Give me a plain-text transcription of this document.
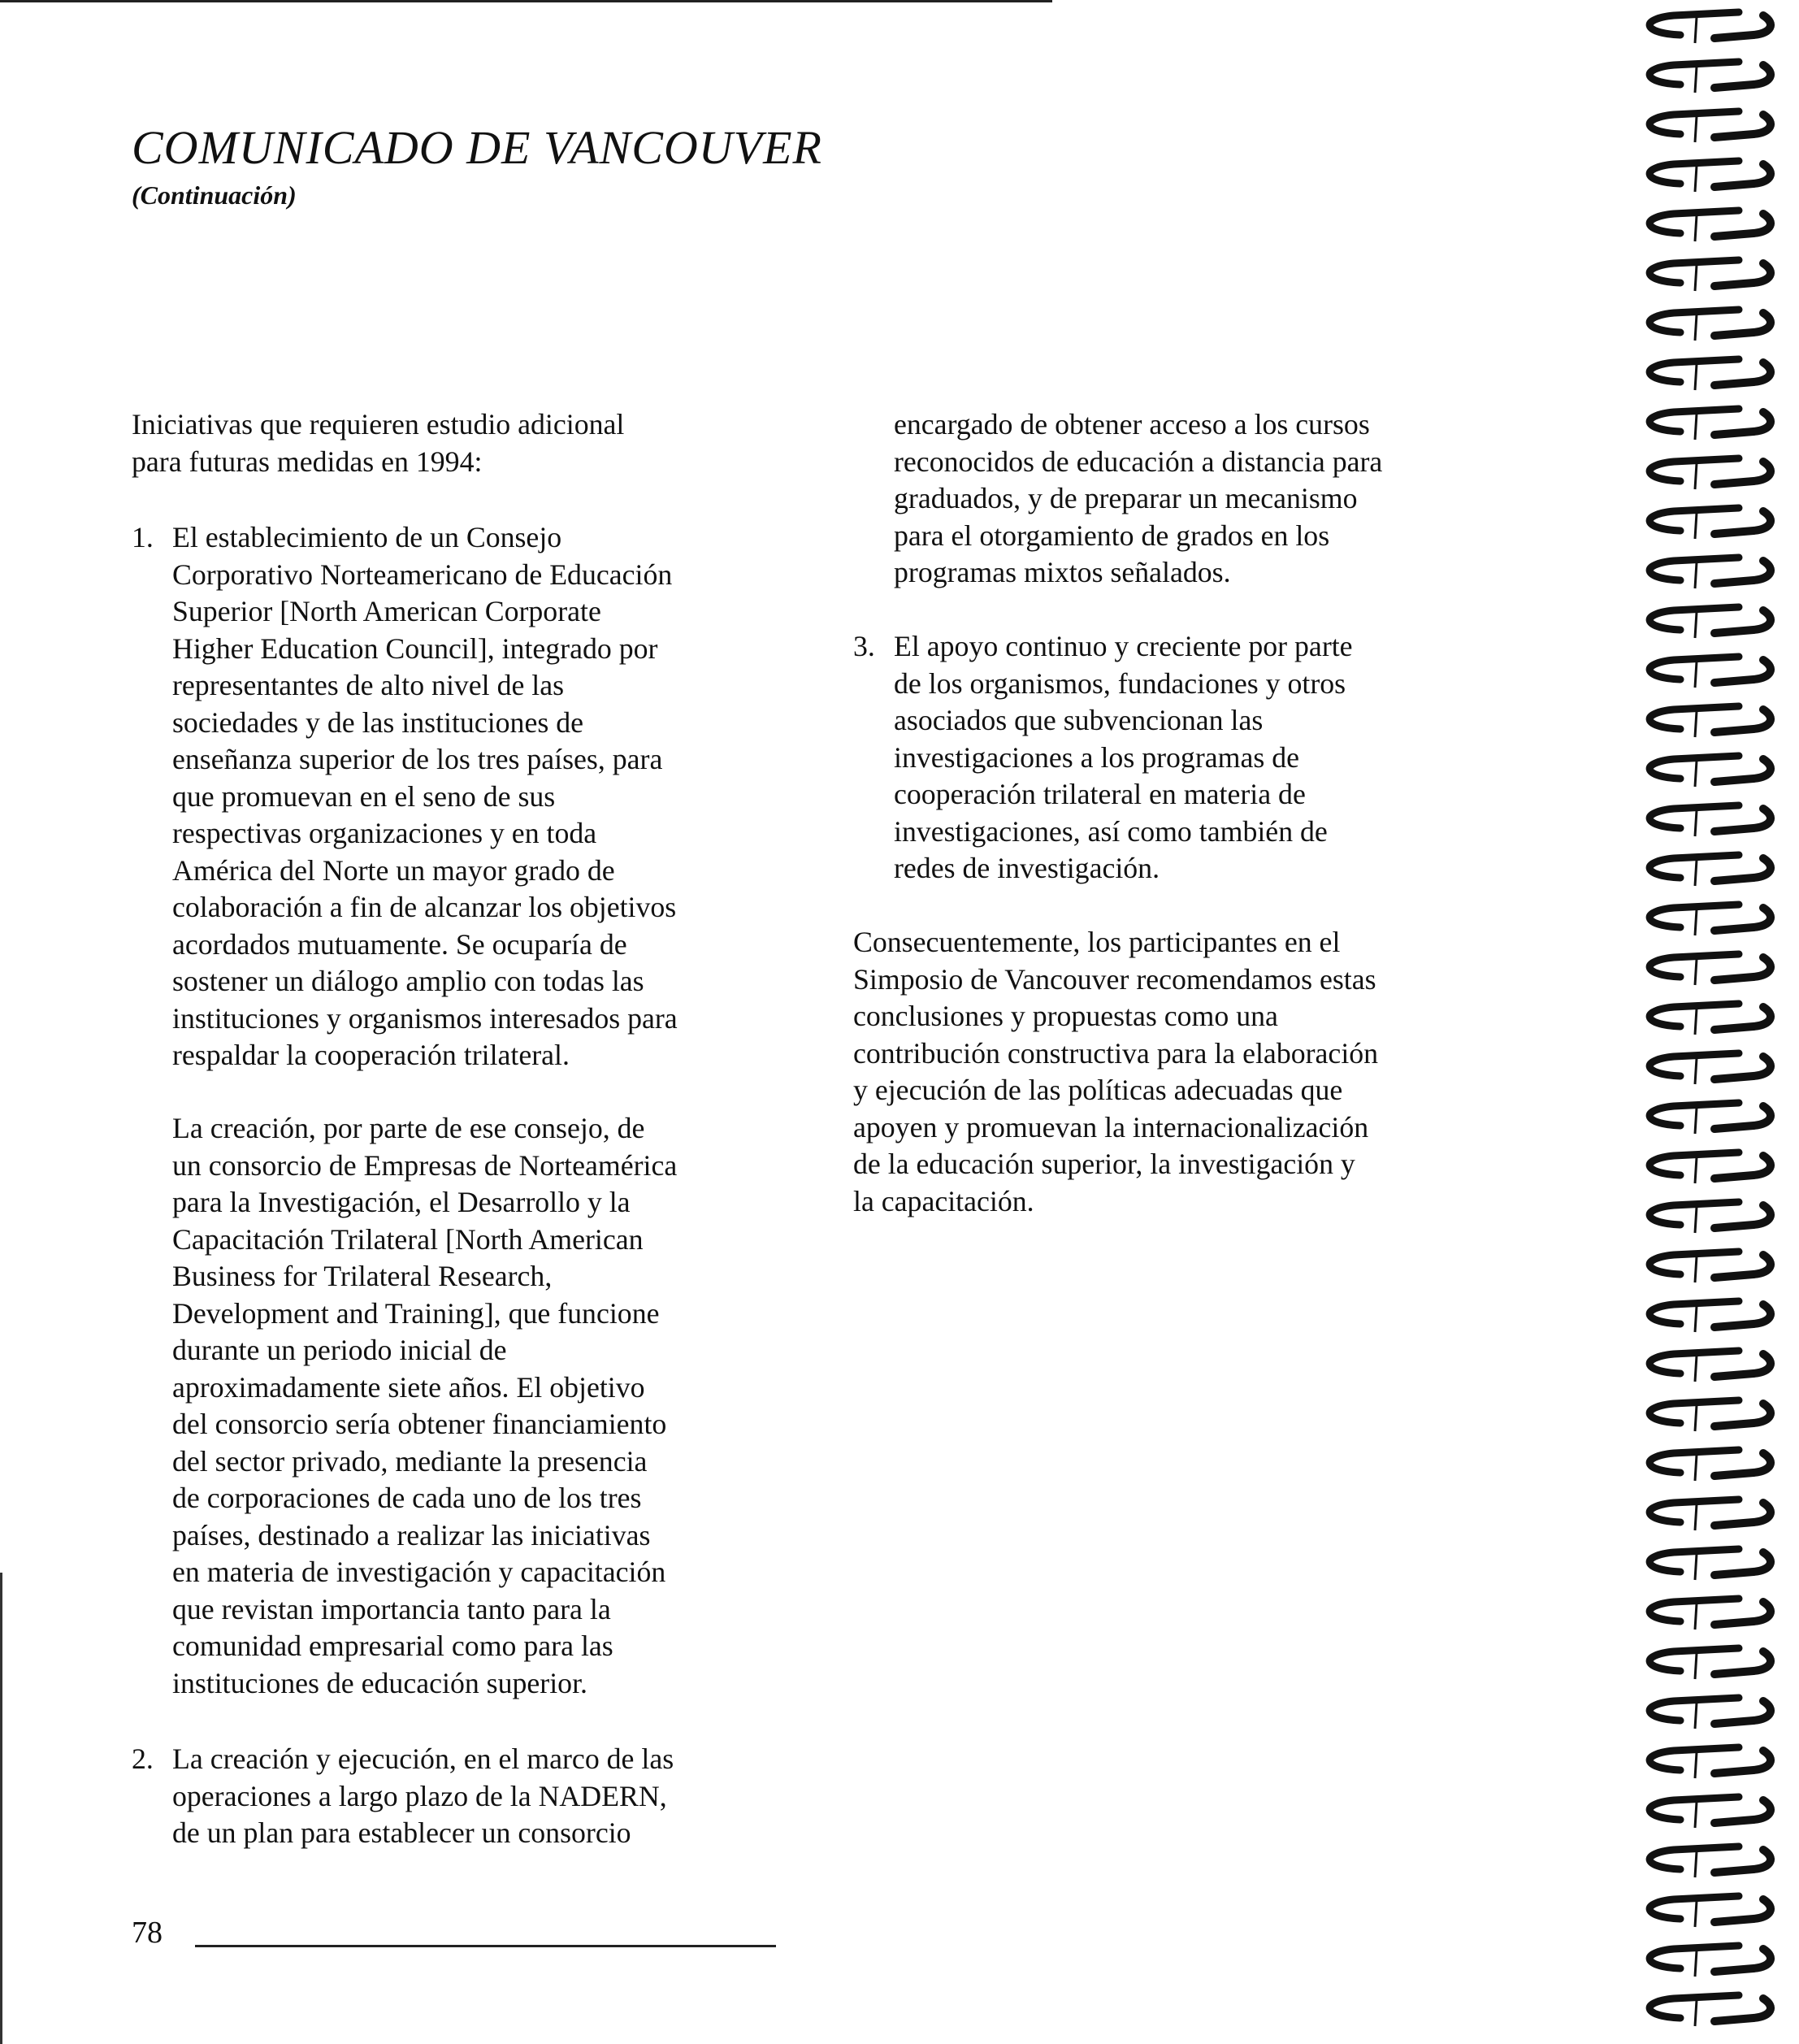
COMUNICADO DE VANCOUVER
(Continuación)
Iniciativas que requieren estudio adicional
para futuras medidas en 1994:
1. El establecimiento de un Consejo
Corporativo Norteamericano de Educación
Superior [North American Corporate
Higher Education Council], integrado por
representantes de alto nivel de las
sociedades y de las instituciones de
enseñanza superior de los tres países, para
que promuevan en el seno de sus
respectivas organizaciones y en toda
América del Norte un mayor grado de
colaboración a fin de alcanzar los objetivos
acordados mutuamente. Se ocuparía de
sostener un diálogo amplio con todas las
instituciones y organismos interesados para
respaldar la cooperación trilateral.
La creación, por parte de ese consejo, de
un consorcio de Empresas de Norteamérica
para la Investigación, el Desarrollo y la
Capacitación Trilateral [North American
Business for Trilateral Research,
Development and Training], que funcione
durante un periodo inicial de
aproximadamente siete años. El objetivo
del consorcio sería obtener financiamiento
del sector privado, mediante la presencia
de corporaciones de cada uno de los tres
países, destinado a realizar las iniciativas
en materia de investigación y capacitación
que revistan importancia tanto para la
comunidad empresarial como para las
instituciones de educación superior.
2. La creación y ejecución, en el marco de las
operaciones a largo plazo de la NADERN,
de un plan para establecer un consorcio
encargado de obtener acceso a los cursos
reconocidos de educación a distancia para
graduados, y de preparar un mecanismo
para el otorgamiento de grados en los
programas mixtos señalados.
3. El apoyo continuo y creciente por parte
de los organismos, fundaciones y otros
asociados que subvencionan las
investigaciones a los programas de
cooperación trilateral en materia de
investigaciones, así como también de
redes de investigación.
Consecuentemente, los participantes en el
Simposio de Vancouver recomendamos estas
conclusiones y propuestas como una
contribución constructiva para la elaboración
y ejecución de las políticas adecuadas que
apoyen y promuevan la internacionalización
de la educación superior, la investigación y
la capacitación.
78
